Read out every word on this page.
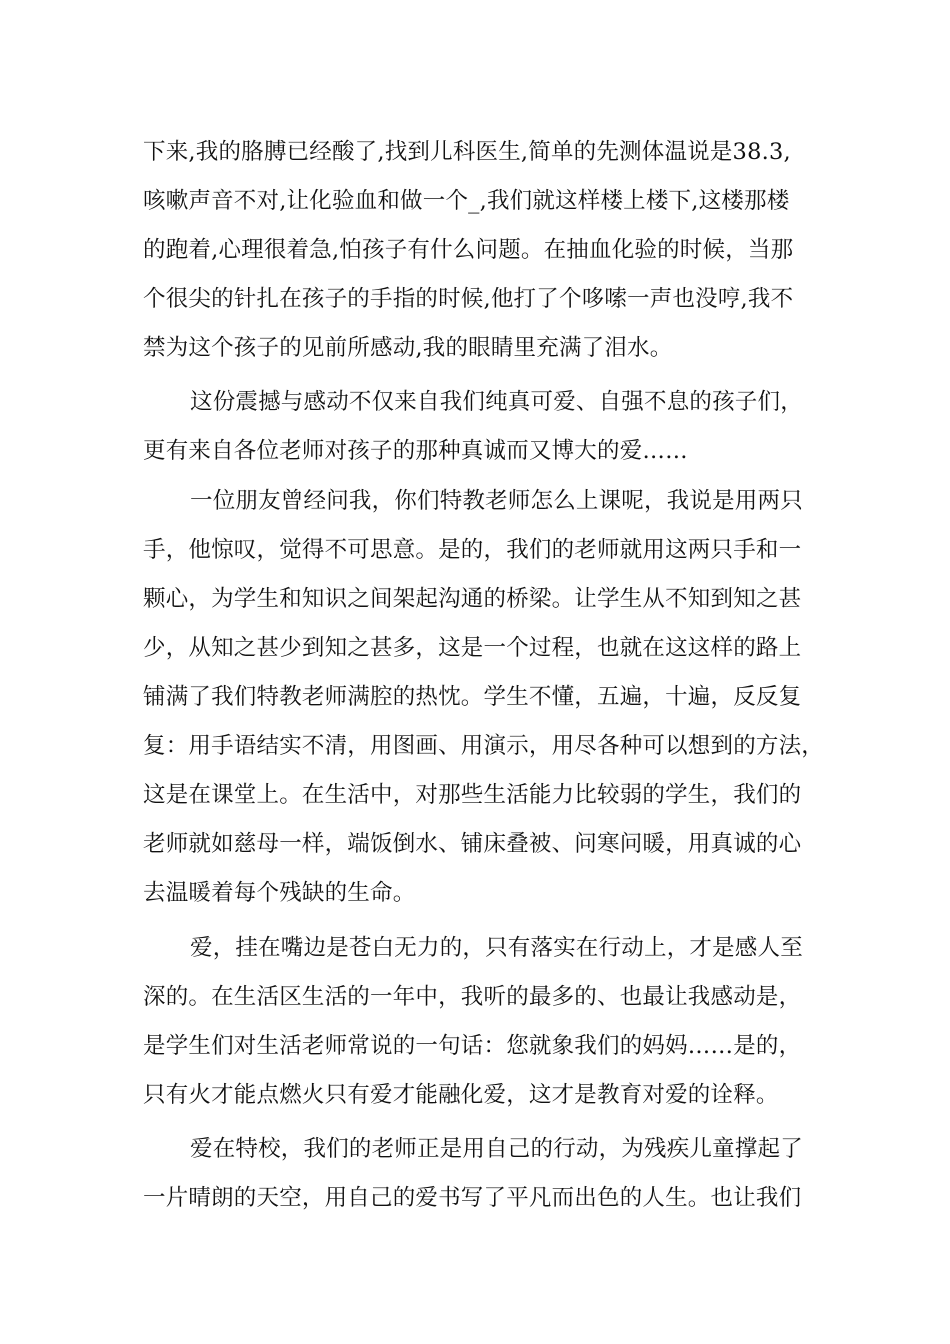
下来,我的胳膊已经酸了,找到儿科医生,简单的先测体温说是38.3,
咳嗽声音不对,让化验血和做一个_,我们就这样楼上楼下,这楼那楼
的跑着,心理很着急,怕孩子有什么问题。在抽血化验的时候，当那
个很尖的针扎在孩子的手指的时候,他打了个哆嗦一声也没哼,我不
禁为这个孩子的见前所感动,我的眼睛里充满了泪水。
这份震撼与感动不仅来自我们纯真可爱、自强不息的孩子们，
更有来自各位老师对孩子的那种真诚而又博大的爱……
一位朋友曾经问我，你们特教老师怎么上课呢，我说是用两只
手，他惊叹，觉得不可思意。是的，我们的老师就用这两只手和一
颗心，为学生和知识之间架起沟通的桥梁。让学生从不知到知之甚
少，从知之甚少到知之甚多，这是一个过程，也就在这这样的路上
铺满了我们特教老师满腔的热忱。学生不懂，五遍，十遍，反反复
复：用手语结实不清，用图画、用演示，用尽各种可以想到的方法，
这是在课堂上。在生活中，对那些生活能力比较弱的学生，我们的
老师就如慈母一样，端饭倒水、铺床叠被、问寒问暖，用真诚的心
去温暖着每个残缺的生命。
爱，挂在嘴边是苍白无力的，只有落实在行动上，才是感人至
深的。在生活区生活的一年中，我听的最多的、也最让我感动是，
是学生们对生活老师常说的一句话：您就象我们的妈妈……是的，
只有火才能点燃火只有爱才能融化爱，这才是教育对爱的诠释。
爱在特校，我们的老师正是用自己的行动，为残疾儿童撑起了
一片晴朗的天空，用自己的爱书写了平凡而出色的人生。也让我们
